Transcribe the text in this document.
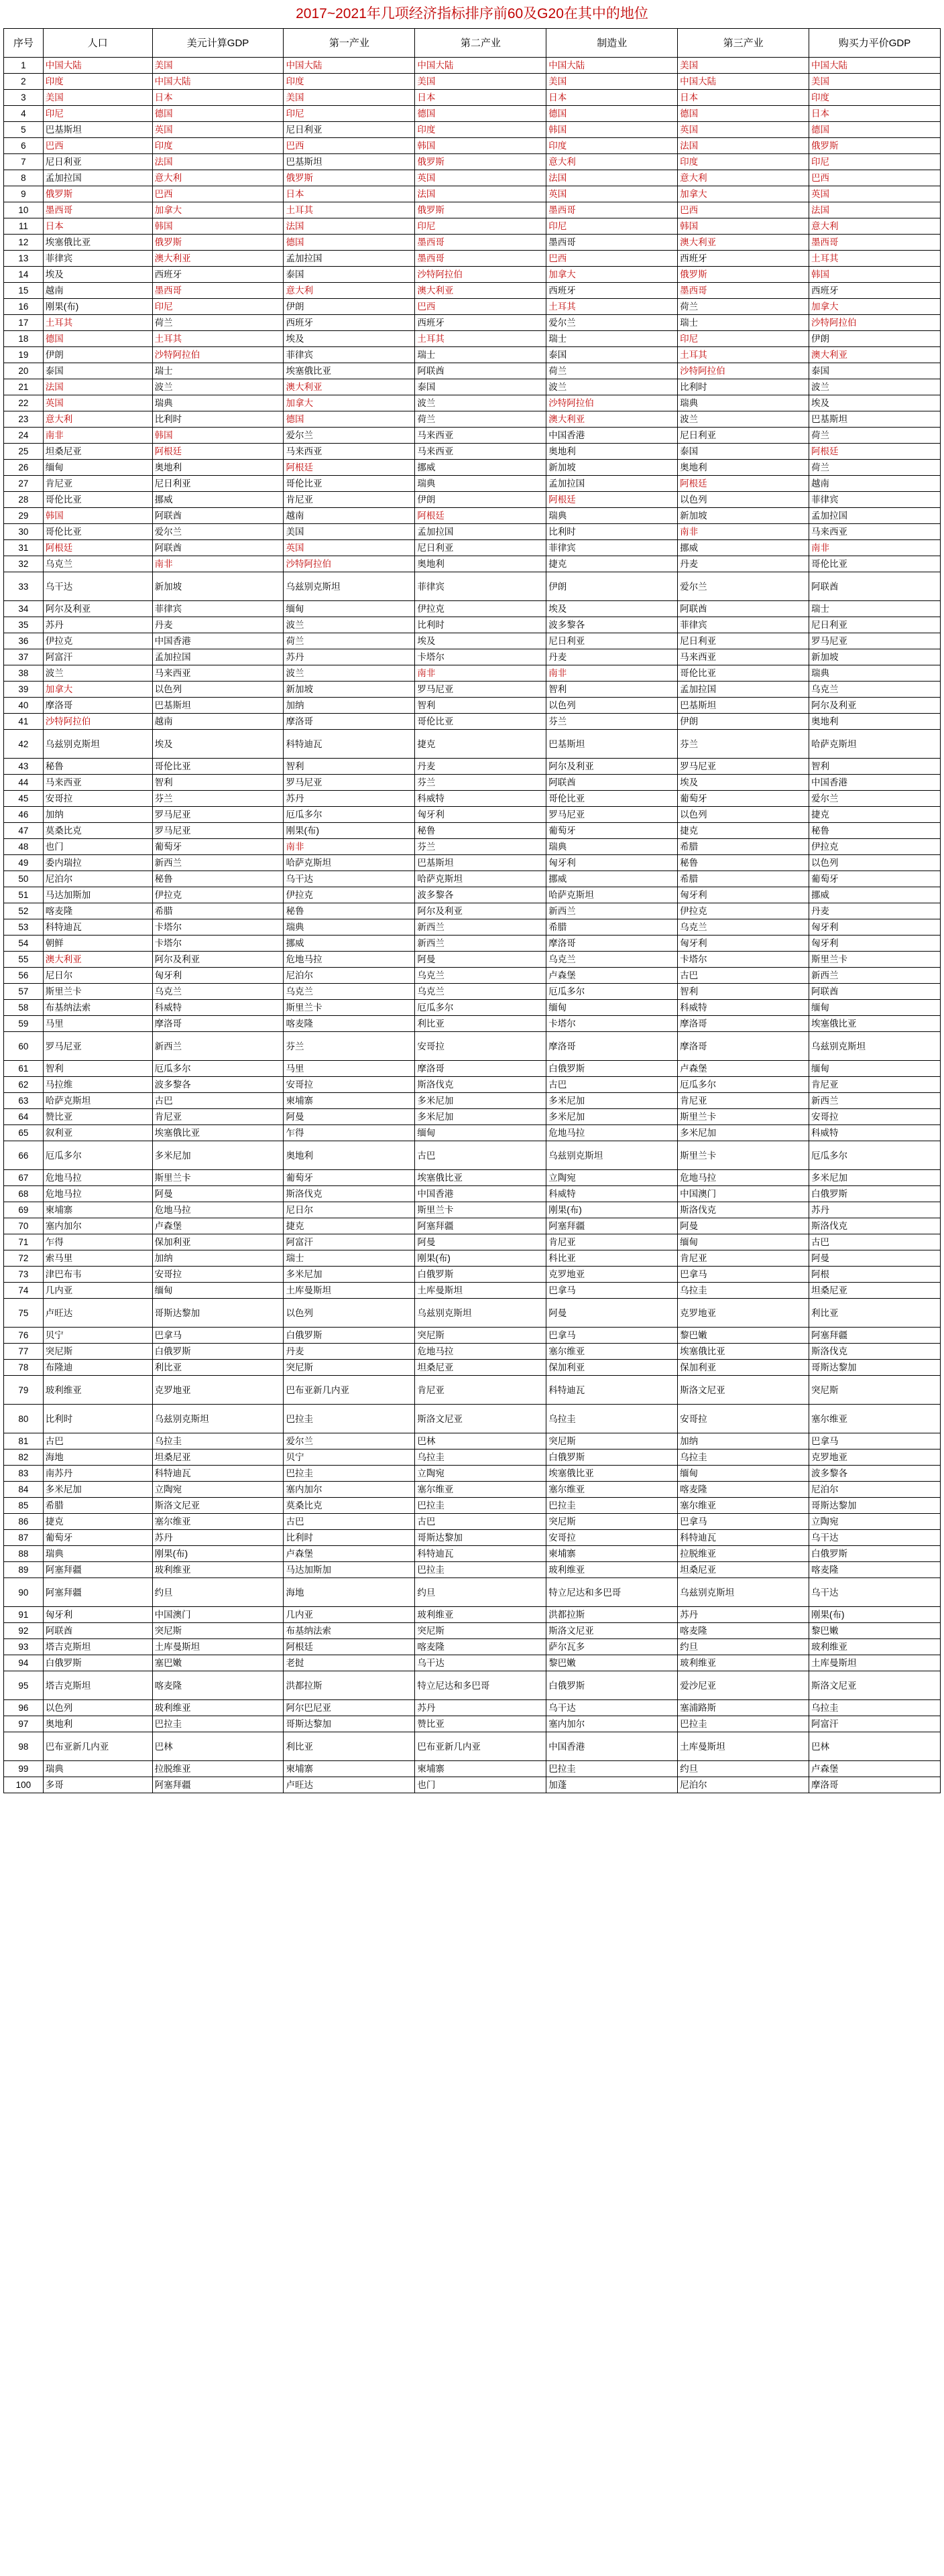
2017~2021年几项经济指标排序前60及G20在其中的地位
序号	人口	美元计算GDP	第一产业	第二产业	制造业	第三产业	购买力平价GDP
1	中国大陆	美国	中国大陆	中国大陆	中国大陆	美国	中国大陆
2	印度	中国大陆	印度	美国	美国	中国大陆	美国
3	美国	日本	美国	日本	日本	日本	印度
4	印尼	德国	印尼	德国	德国	德国	日本
5	巴基斯坦	英国	尼日利亚	印度	韩国	英国	德国
6	巴西	印度	巴西	韩国	印度	法国	俄罗斯
7	尼日利亚	法国	巴基斯坦	俄罗斯	意大利	印度	印尼
8	孟加拉国	意大利	俄罗斯	英国	法国	意大利	巴西
9	俄罗斯	巴西	日本	法国	英国	加拿大	英国
10	墨西哥	加拿大	土耳其	俄罗斯	墨西哥	巴西	法国
11	日本	韩国	法国	印尼	印尼	韩国	意大利
12	埃塞俄比亚	俄罗斯	德国	墨西哥	墨西哥	澳大利亚	墨西哥
13	菲律宾	澳大利亚	孟加拉国	墨西哥	巴西	西班牙	土耳其
14	埃及	西班牙	泰国	沙特阿拉伯	加拿大	俄罗斯	韩国
15	越南	墨西哥	意大利	澳大利亚	西班牙	墨西哥	西班牙
16	刚果(布)	印尼	伊朗	巴西	土耳其	荷兰	加拿大
17	土耳其	荷兰	西班牙	西班牙	爱尔兰	瑞士	沙特阿拉伯
18	德国	土耳其	埃及	土耳其	瑞士	印尼	伊朗
19	伊朗	沙特阿拉伯	菲律宾	瑞士	泰国	土耳其	澳大利亚
20	泰国	瑞士	埃塞俄比亚	阿联酋	荷兰	沙特阿拉伯	泰国
21	法国	波兰	澳大利亚	泰国	波兰	比利时	波兰
22	英国	瑞典	加拿大	波兰	沙特阿拉伯	瑞典	埃及
23	意大利	比利时	德国	荷兰	澳大利亚	波兰	巴基斯坦
24	南非	韩国	爱尔兰	马来西亚	中国香港	尼日利亚	荷兰
25	坦桑尼亚	阿根廷	马来西亚	马来西亚	奥地利	泰国	阿根廷
26	缅甸	奥地利	阿根廷	挪威	新加坡	奥地利	荷兰
27	肯尼亚	尼日利亚	哥伦比亚	瑞典	孟加拉国	阿根廷	越南
28	哥伦比亚	挪威	肯尼亚	伊朗	阿根廷	以色列	菲律宾
29	韩国	阿联酋	越南	阿根廷	瑞典	新加坡	孟加拉国
30	哥伦比亚	爱尔兰	美国	孟加拉国	比利时	南非	马来西亚
31	阿根廷	阿联酋	英国	尼日利亚	菲律宾	挪威	南非
32	乌克兰	南非	沙特阿拉伯	奥地利	捷克	丹麦	哥伦比亚
33	乌干达	新加坡	乌兹别克斯坦	菲律宾	伊朗	爱尔兰	阿联酋
34	阿尔及利亚	菲律宾	缅甸	伊拉克	埃及	阿联酋	瑞士
35	苏丹	丹麦	波兰	比利时	波多黎各	菲律宾	尼日利亚
36	伊拉克	中国香港	荷兰	埃及	尼日利亚	尼日利亚	罗马尼亚
37	阿富汗	孟加拉国	苏丹	卡塔尔	丹麦	马来西亚	新加坡
38	波兰	马来西亚	波兰	南非	南非	哥伦比亚	瑞典
39	加拿大	以色列	新加坡	罗马尼亚	智利	孟加拉国	乌克兰
40	摩洛哥	巴基斯坦	加纳	智利	以色列	巴基斯坦	阿尔及利亚
41	沙特阿拉伯	越南	摩洛哥	哥伦比亚	芬兰	伊朗	奥地利
42	乌兹别克斯坦	埃及	科特迪瓦	捷克	巴基斯坦	芬兰	哈萨克斯坦
43	秘鲁	哥伦比亚	智利	丹麦	阿尔及利亚	罗马尼亚	智利
44	马来西亚	智利	罗马尼亚	芬兰	阿联酋	埃及	中国香港
45	安哥拉	芬兰	苏丹	科威特	哥伦比亚	葡萄牙	爱尔兰
46	加纳	罗马尼亚	厄瓜多尔	匈牙利	罗马尼亚	以色列	捷克
47	莫桑比克	罗马尼亚	刚果(布)	秘鲁	葡萄牙	捷克	秘鲁
48	也门	葡萄牙	南非	芬兰	瑞典	希腊	伊拉克
49	委内瑞拉	新西兰	哈萨克斯坦	巴基斯坦	匈牙利	秘鲁	以色列
50	尼泊尔	秘鲁	乌干达	哈萨克斯坦	挪威	希腊	葡萄牙
51	马达加斯加	伊拉克	伊拉克	波多黎各	哈萨克斯坦	匈牙利	挪威
52	喀麦隆	希腊	秘鲁	阿尔及利亚	新西兰	伊拉克	丹麦
53	科特迪瓦	卡塔尔	瑞典	新西兰	希腊	乌克兰	匈牙利
54	朝鲜	卡塔尔	挪威	新西兰	摩洛哥	匈牙利	匈牙利
55	澳大利亚	阿尔及利亚	危地马拉	阿曼	乌克兰	卡塔尔	斯里兰卡
56	尼日尔	匈牙利	尼泊尔	乌克兰	卢森堡	古巴	新西兰
57	斯里兰卡	乌克兰	乌克兰	乌克兰	厄瓜多尔	智利	阿联酋
58	布基纳法索	科威特	斯里兰卡	厄瓜多尔	缅甸	科威特	缅甸
59	马里	摩洛哥	喀麦隆	利比亚	卡塔尔	摩洛哥	埃塞俄比亚
60	罗马尼亚	新西兰	芬兰	安哥拉	摩洛哥	摩洛哥	乌兹别克斯坦
61	智利	厄瓜多尔	马里	摩洛哥	白俄罗斯	卢森堡	缅甸
62	马拉维	波多黎各	安哥拉	斯洛伐克	古巴	厄瓜多尔	肯尼亚
63	哈萨克斯坦	古巴	柬埔寨	多米尼加	多米尼加	肯尼亚	新西兰
64	赞比亚	肯尼亚	阿曼	多米尼加	多米尼加	斯里兰卡	安哥拉
65	叙利亚	埃塞俄比亚	乍得	缅甸	危地马拉	多米尼加	科威特
66	厄瓜多尔	多米尼加	奥地利	古巴	乌兹别克斯坦	斯里兰卡	厄瓜多尔
67	危地马拉	斯里兰卡	葡萄牙	埃塞俄比亚	立陶宛	危地马拉	多米尼加
68	危地马拉	阿曼	斯洛伐克	中国香港	科威特	中国澳门	白俄罗斯
69	柬埔寨	危地马拉	尼日尔	斯里兰卡	刚果(布)	斯洛伐克	苏丹
70	塞内加尔	卢森堡	捷克	阿塞拜疆	阿塞拜疆	阿曼	斯洛伐克
71	乍得	保加利亚	阿富汗	阿曼	肯尼亚	缅甸	古巴
72	索马里	加纳	瑞士	刚果(布)	科比亚	肯尼亚	阿曼
73	津巴布韦	安哥拉	多米尼加	白俄罗斯	克罗地亚	巴拿马	阿根
74	几内亚	缅甸	土库曼斯坦	土库曼斯坦	巴拿马	乌拉圭	坦桑尼亚
75	卢旺达	哥斯达黎加	以色列	乌兹别克斯坦	阿曼	克罗地亚	利比亚
76	贝宁	巴拿马	白俄罗斯	突尼斯	巴拿马	黎巴嫩	阿塞拜疆
77	突尼斯	白俄罗斯	丹麦	危地马拉	塞尔维亚	埃塞俄比亚	斯洛伐克
78	布隆迪	利比亚	突尼斯	坦桑尼亚	保加利亚	保加利亚	哥斯达黎加
79	玻利维亚	克罗地亚	巴布亚新几内亚	肯尼亚	科特迪瓦	斯洛文尼亚	突尼斯
80	比利时	乌兹别克斯坦	巴拉圭	斯洛文尼亚	乌拉圭	安哥拉	塞尔维亚
81	古巴	乌拉圭	爱尔兰	巴林	突尼斯	加纳	巴拿马
82	海地	坦桑尼亚	贝宁	乌拉圭	白俄罗斯	乌拉圭	克罗地亚
83	南苏丹	科特迪瓦	巴拉圭	立陶宛	埃塞俄比亚	缅甸	波多黎各
84	多米尼加	立陶宛	塞内加尔	塞尔维亚	塞尔维亚	喀麦隆	尼泊尔
85	希腊	斯洛文尼亚	莫桑比克	巴拉圭	巴拉圭	塞尔维亚	哥斯达黎加
86	捷克	塞尔维亚	古巴	古巴	突尼斯	巴拿马	立陶宛
87	葡萄牙	苏丹	比利时	哥斯达黎加	安哥拉	科特迪瓦	乌干达
88	瑞典	刚果(布)	卢森堡	科特迪瓦	柬埔寨	拉脱维亚	白俄罗斯
89	阿塞拜疆	玻利维亚	马达加斯加	巴拉圭	玻利维亚	坦桑尼亚	喀麦隆
90	阿塞拜疆	约旦	海地	约旦	特立尼达和多巴哥	乌兹别克斯坦	乌干达
91	匈牙利	中国澳门	几内亚	玻利维亚	洪都拉斯	苏丹	刚果(布)
92	阿联酋	突尼斯	布基纳法索	突尼斯	斯洛文尼亚	喀麦隆	黎巴嫩
93	塔吉克斯坦	土库曼斯坦	阿根廷	喀麦隆	萨尔瓦多	约旦	玻利维亚
94	白俄罗斯	塞巴嫩	老挝	乌干达	黎巴嫩	玻利维亚	土库曼斯坦
95	塔吉克斯坦	喀麦隆	洪都拉斯	特立尼达和多巴哥	白俄罗斯	爱沙尼亚	斯洛文尼亚
96	以色列	玻利维亚	阿尔巴尼亚	苏丹	乌干达	塞浦路斯	乌拉圭
97	奥地利	巴拉圭	哥斯达黎加	赞比亚	塞内加尔	巴拉圭	阿富汗
98	巴布亚新几内亚	巴林	利比亚	巴布亚新几内亚	中国香港	土库曼斯坦	巴林
99	瑞典	拉脱维亚	柬埔寨	柬埔寨	巴拉圭	约旦	卢森堡
100	多哥	阿塞拜疆	卢旺达	也门	加蓬	尼泊尔	摩洛哥
